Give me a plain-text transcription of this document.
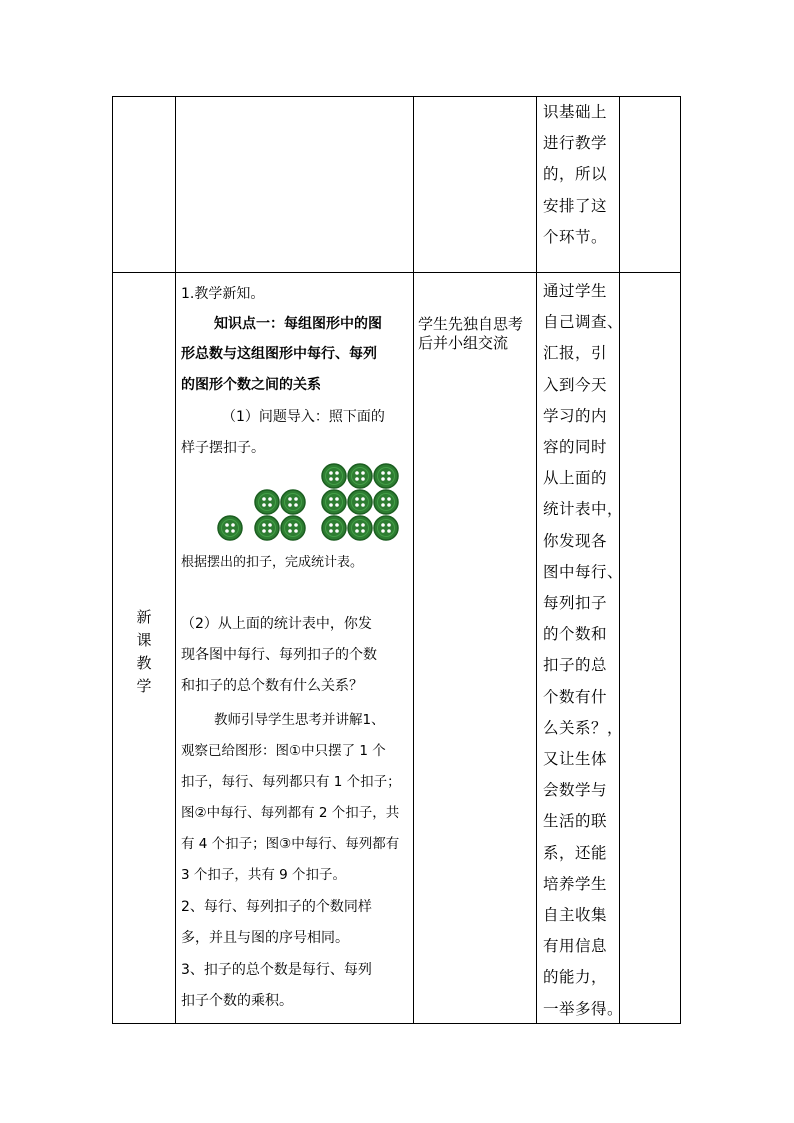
识基础上
进行教学
的，所以
安排了这
个环节。
新
课
教
学
1.教学新知。
知识点一：每组图形中的图
形总数与这组图形中每行、每列
的图形个数之间的关系
（1）问题导入：照下面的
样子摆扣子。
根据摆出的扣子，完成统计表。
（2）从上面的统计表中，你发
现各图中每行、每列扣子的个数
和扣子的总个数有什么关系？
教师引导学生思考并讲解1、
观察已给图形：图①中只摆了 1 个
扣子，每行、每列都只有 1 个扣子；
图②中每行、每列都有 2 个扣子，共
有 4 个扣子；图③中每行、每列都有
3 个扣子，共有 9 个扣子。
2、每行、每列扣子的个数同样
多，并且与图的序号相同。
3、扣子的总个数是每行、每列
扣子个数的乘积。
学生先独自思考后并小组交流
通过学生
自己调查、
汇报，引
入到今天
学习的内
容的同时
从上面的
统计表中，
你发现各
图中每行、
每列扣子
的个数和
扣子的总
个数有什
么关系？，
又让生体
会数学与
生活的联
系，还能
培养学生
自主收集
有用信息
的能力，
一举多得。
